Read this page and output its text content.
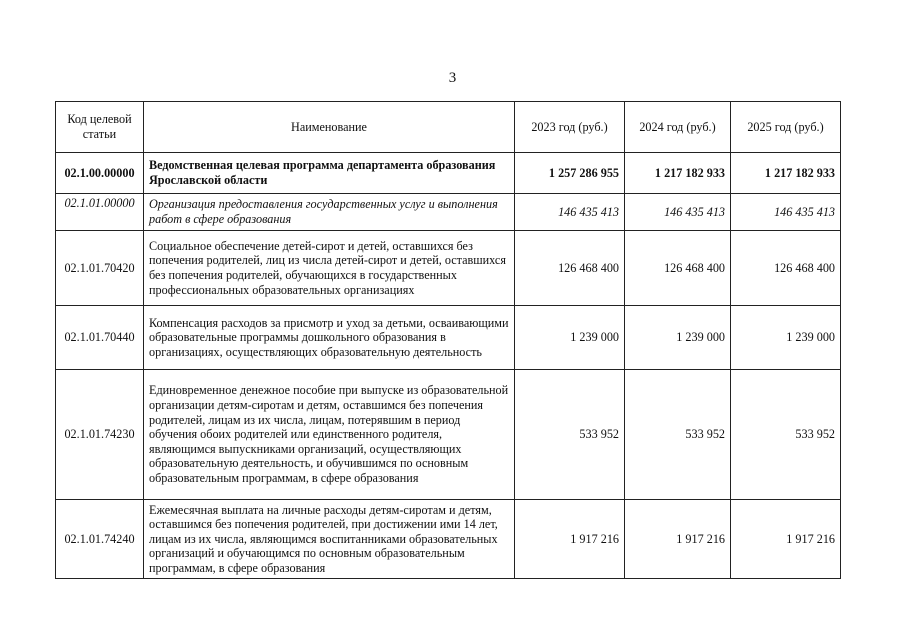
3
Код целевой статьи	Наименование	2023 год (руб.)	2024 год (руб.)	2025 год (руб.)
02.1.00.00000	Ведомственная целевая программа департамента образования Ярославской области	1 257 286 955	1 217 182 933	1 217 182 933
02.1.01.00000	Организация предоставления государственных услуг и выполнения работ в сфере образования	146 435 413	146 435 413	146 435 413
02.1.01.70420	Социальное обеспечение детей-сирот и детей, оставшихся без попечения родителей, лиц из числа детей-сирот и детей, оставшихся без попечения родителей, обучающихся в государственных профессиональных образовательных организациях	126 468 400	126 468 400	126 468 400
02.1.01.70440	Компенсация расходов за присмотр и уход за детьми, осваивающими образовательные программы дошкольного образования в организациях, осуществляющих образовательную деятельность	1 239 000	1 239 000	1 239 000
02.1.01.74230	Единовременное денежное пособие при выпуске из образовательной организации детям-сиротам и детям, оставшимся без попечения родителей, лицам из их числа, лицам, потерявшим в период обучения обоих родителей или единственного родителя, являющимся выпускниками организаций, осуществляющих образовательную деятельность, и обучившимся по основным образовательным программам, в сфере образования	533 952	533 952	533 952
02.1.01.74240	Ежемесячная выплата на личные расходы детям-сиротам и детям, оставшимся без попечения родителей, при достижении ими 14 лет, лицам из их числа, являющимся воспитанниками образовательных организаций и обучающимся по основным образовательным программам, в сфере образования	1 917 216	1 917 216	1 917 216
